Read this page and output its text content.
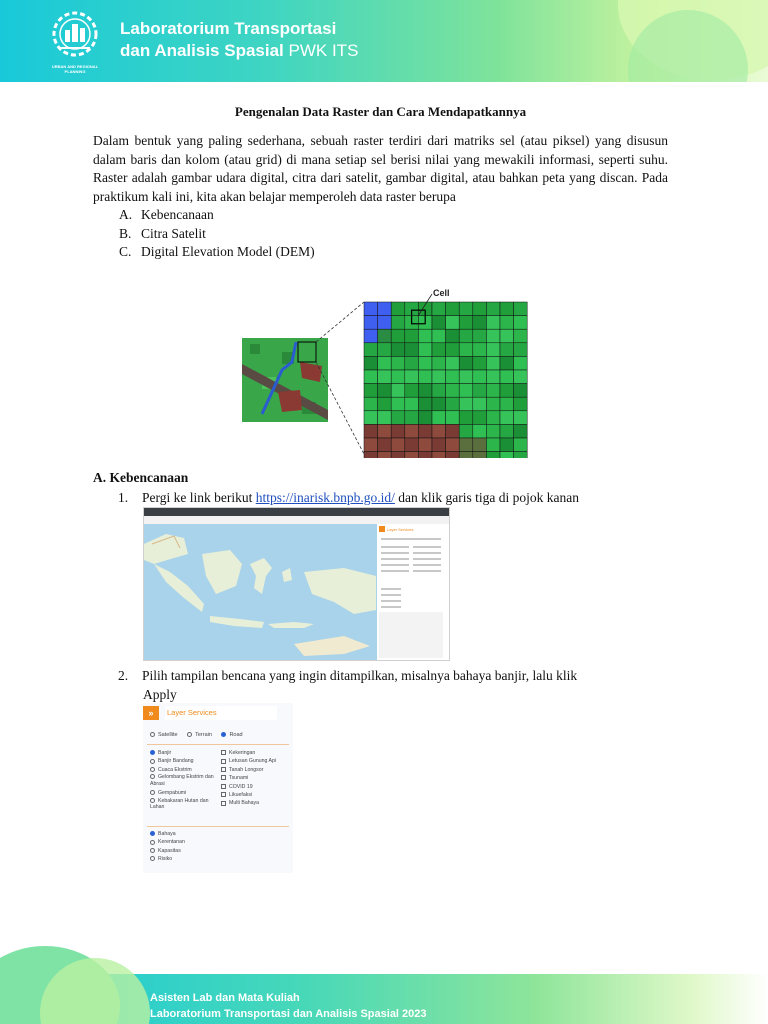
URBAN AND REGIONAL PLANNING
Laboratorium Transportasi
dan Analisis Spasial PWK ITS
Pengenalan Data Raster dan Cara Mendapatkannya

Dalam bentuk yang paling sederhana, sebuah raster terdiri dari matriks sel (atau piksel) yang disusun dalam baris dan kolom (atau grid) di mana setiap sel berisi nilai yang mewakili informasi, seperti suhu. Raster adalah gambar udara digital, citra dari satelit, gambar digital, atau bahkan peta yang discan. Pada praktikum kali ini, kita akan belajar memperoleh data raster berupa

A. Kebencanaan
B. Citra Satelit
C. Digital Elevation Model (DEM)
Cell
A. Kebencanaan
1. Pergi ke link berikut https://inarisk.bnpb.go.id/ dan klik garis tiga di pojok kanan
Layer Services
2. Pilih tampilan bencana yang ingin ditampilkan, misalnya bahaya banjir, lalu klik
Apply
»	Layer Services
Satellite	Terrain	Road
Banjir
Banjir Bandang
Cuaca Ekstrim
Gelombang Ekstrim dan Abrasi
Gempabumi
Kebakaran Hutan dan Lahan
Kekeringan
Letusan Gunung Api
Tanah Longsor
Tsunami
COVID 19
Likuefaksi
Multi Bahaya
Bahaya
Kerentanan
Kapasitas
Risiko
Asisten Lab dan Mata Kuliah
Laboratorium Transportasi dan Analisis Spasial 2023
